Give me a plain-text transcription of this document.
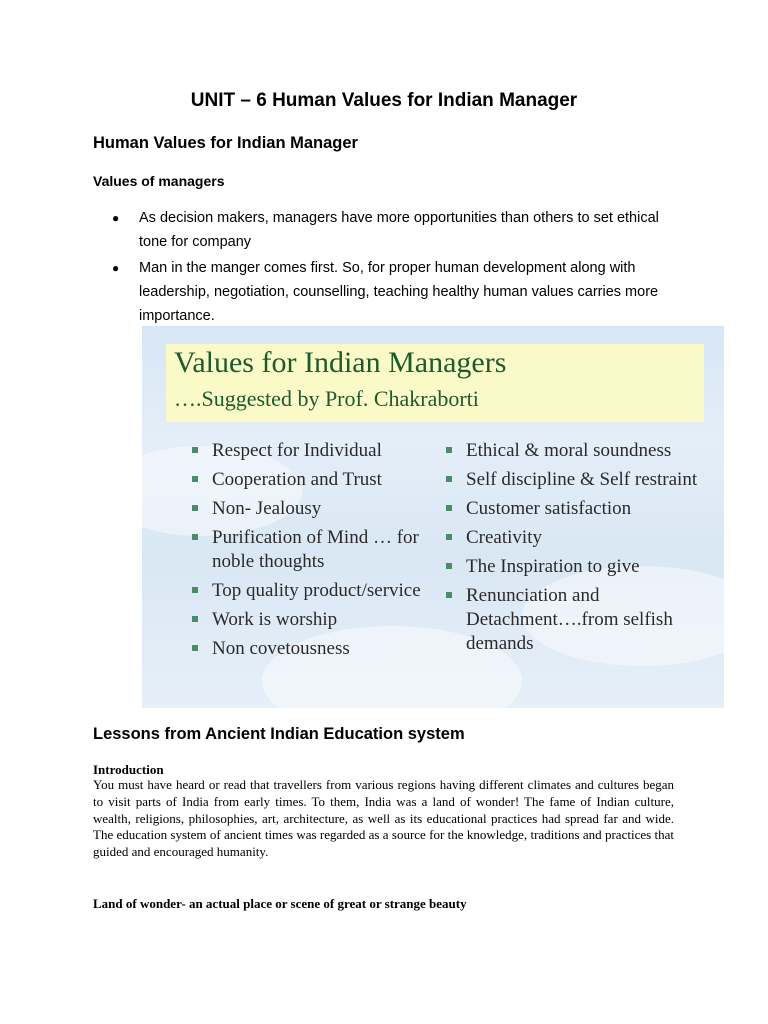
UNIT – 6 Human Values for Indian Manager
Human Values for Indian Manager
Values of managers
● As decision makers, managers have more opportunities than others to set ethical tone for company
● Man in the manger comes first. So, for proper human development along with leadership, negotiation, counselling, teaching healthy human values carries more importance.
Values for Indian Managers
….Suggested by Prof. Chakraborti
Respect for Individual
Cooperation and Trust
Non- Jealousy
Purification of Mind … for noble thoughts
Top quality product/service
Work is worship
Non covetousness
Ethical & moral soundness
Self discipline & Self restraint
Customer satisfaction
Creativity
The Inspiration to give
Renunciation and Detachment….from selfish demands
Lessons from Ancient Indian Education system
Introduction
You must have heard or read that travellers from various regions having different climates and cultures began to visit parts of India from early times. To them, India was a land of wonder! The fame of Indian culture, wealth, religions, philosophies, art, architecture, as well as its educational practices had spread far and wide. The education system of ancient times was regarded as a source for the knowledge, traditions and practices that guided and encouraged humanity.
Land of wonder- an actual place or scene of great or strange beauty
